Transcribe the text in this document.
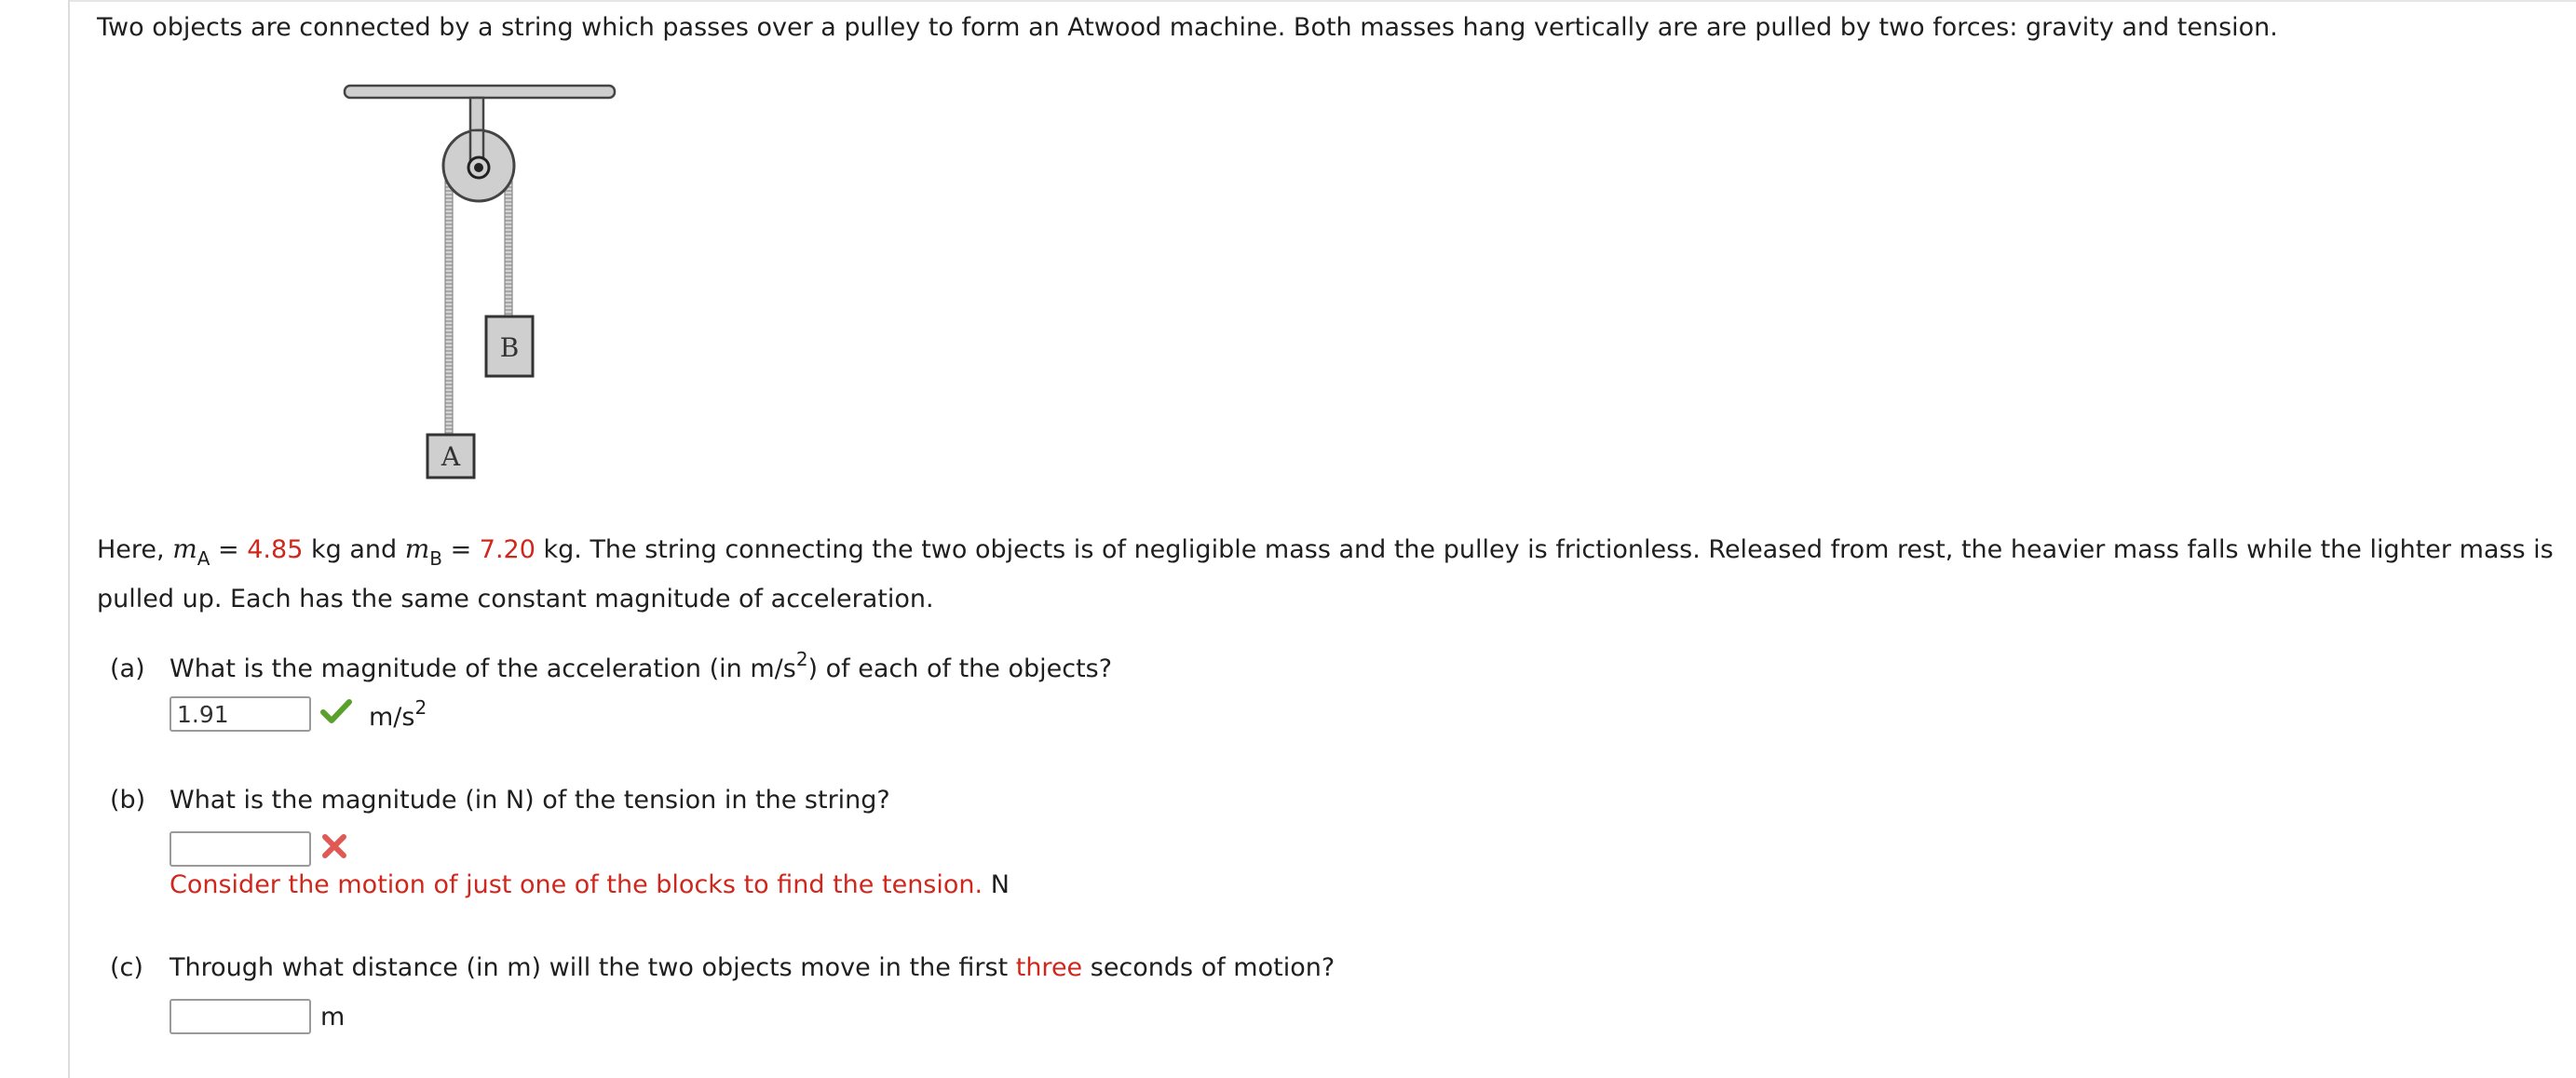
Two objects are connected by a string which passes over a pulley to form an Atwood machine. Both masses hang vertically are are pulled by two forces: gravity and tension.
B
A
Here, $m_A = 4.85$ kg and $m_B = 7.20$ kg. The string connecting the two objects is of negligible mass and the pulley is frictionless. Released from rest, the heavier mass falls while the lighter mass is pulled up. Each has the same constant magnitude of acceleration.
(a) What is the magnitude of the acceleration (in $m/s^2$) of each of the objects?
1.91
$m/s^2$
(b) What is the magnitude (in N) of the tension in the string?
Consider the motion of just one of the blocks to find the tension. N
(c) Through what distance (in m) will the two objects move in the first three seconds of motion?
m
